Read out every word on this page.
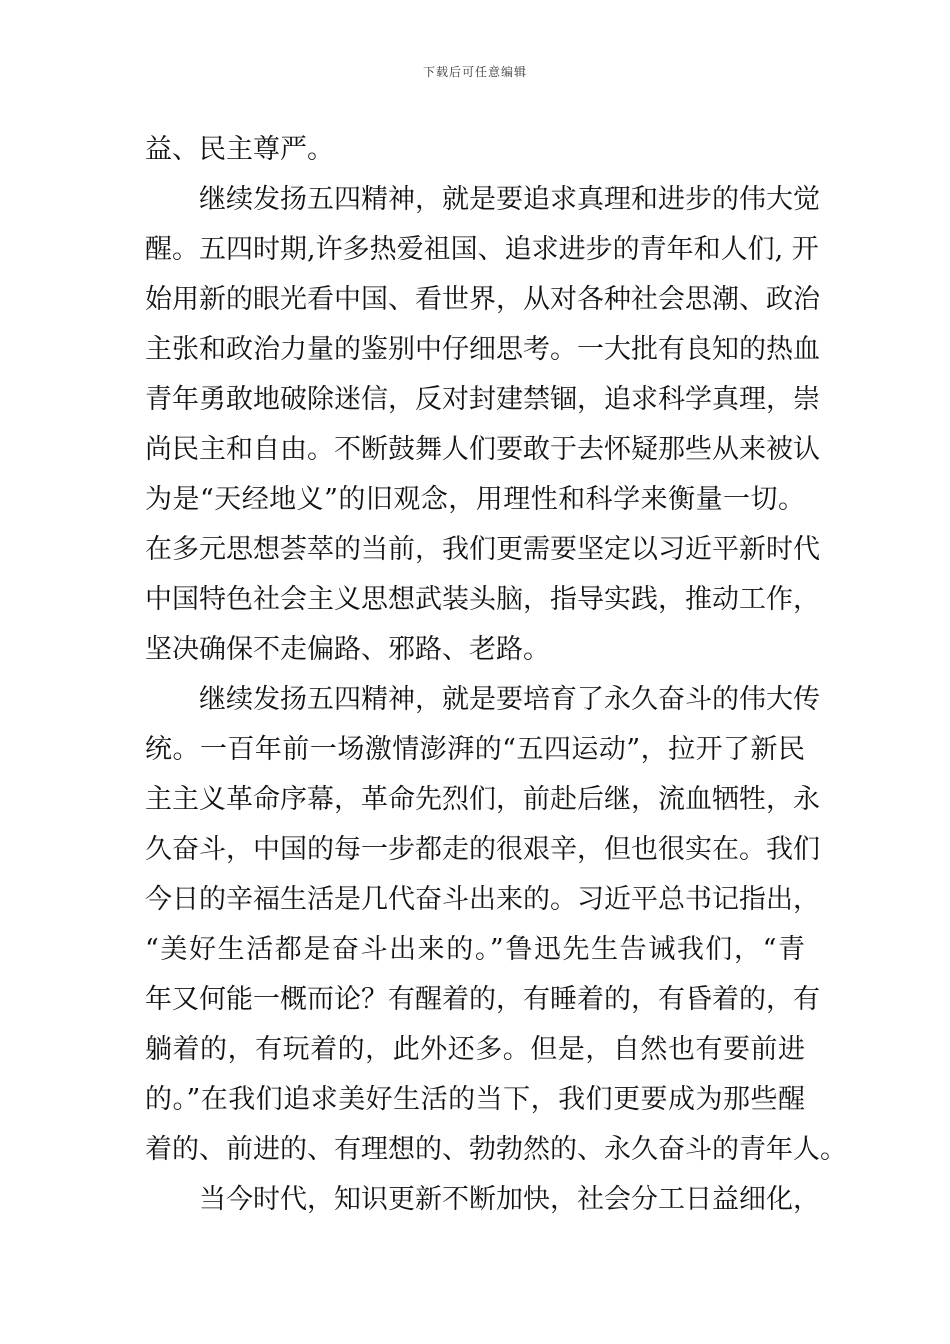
下载后可任意编辑
益、民主尊严。
　　继续发扬五四精神，就是要追求真理和进步的伟大觉
醒。五四时期,许多热爱祖国、追求进步的青年和人们, 开
始用新的眼光看中国、看世界，从对各种社会思潮、政治
主张和政治力量的鉴别中仔细思考。一大批有良知的热血
青年勇敢地破除迷信，反对封建禁锢，追求科学真理，崇
尚民主和自由。不断鼓舞人们要敢于去怀疑那些从来被认
为是“天经地义”的旧观念，用理性和科学来衡量一切。
在多元思想荟萃的当前，我们更需要坚定以习近平新时代
中国特色社会主义思想武装头脑，指导实践，推动工作，
坚决确保不走偏路、邪路、老路。
　　继续发扬五四精神，就是要培育了永久奋斗的伟大传
统。一百年前一场激情澎湃的“五四运动”，拉开了新民
主主义革命序幕，革命先烈们，前赴后继，流血牺牲，永
久奋斗，中国的每一步都走的很艰辛，但也很实在。我们
今日的辛福生活是几代奋斗出来的。习近平总书记指出，
“美好生活都是奋斗出来的。”鲁迅先生告诫我们，“青
年又何能一概而论？有醒着的，有睡着的，有昏着的，有
躺着的，有玩着的，此外还多。但是，自然也有要前进
的。”在我们追求美好生活的当下，我们更要成为那些醒
着的、前进的、有理想的、勃勃然的、永久奋斗的青年人。
　　当今时代，知识更新不断加快，社会分工日益细化，
